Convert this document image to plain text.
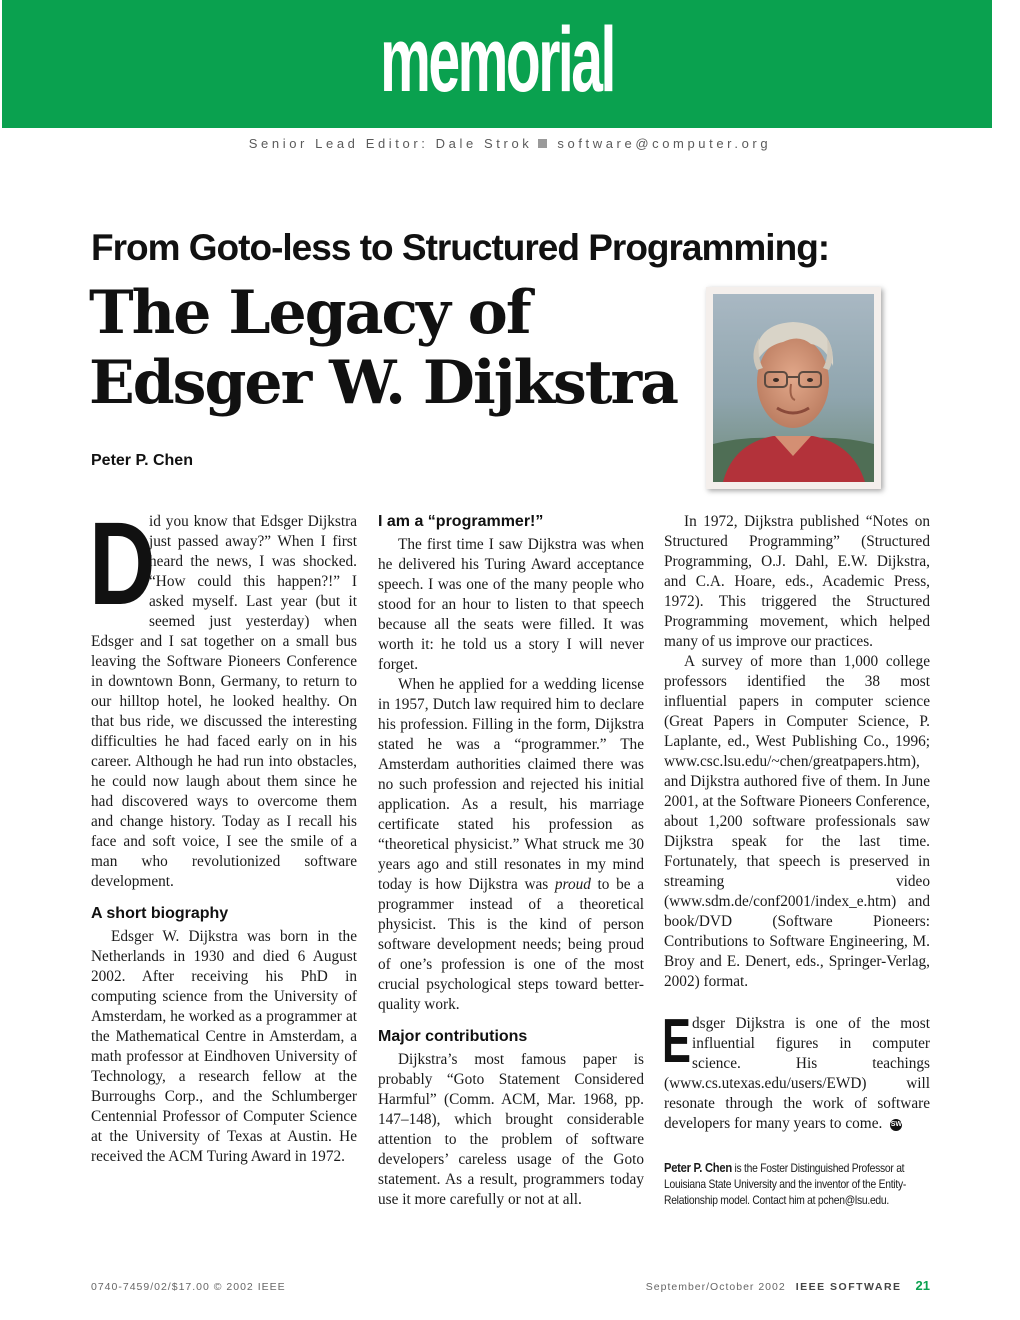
memorial
Senior Lead Editor: Dale Strok software@computer.org
From Goto-less to Structured Programming:
The Legacy of
Edsger W. Dijkstra
Peter P. Chen

D
id you know that Edsger Dijkstra just passed away?” When I first heard the news, I was shocked. “How could this happen?!” I asked myself. Last year (but it seemed just yesterday) when Edsger and I sat together on a small bus leaving the Software Pioneers Conference in downtown Bonn, Germany, to return to our hilltop hotel, he looked healthy. On that bus ride, we discussed the interesting difficulties he had faced early on in his career. Although he had run into obstacles, he could now laugh about them since he had discovered ways to overcome them and change history. Today as I recall his face and soft voice, I see the smile of a man who revolutionized software development.

A short biography

Edsger W. Dijkstra was born in the Netherlands in 1930 and died 6 August 2002. After receiving his PhD in computing science from the University of Amsterdam, he worked as a programmer at the Mathematical Centre in Amsterdam, a math professor at Eindhoven University of Technology, a research fellow at the Burroughs Corp., and the Schlumberger Centennial Professor of Computer Science at the University of Texas at Austin. He received the ACM Turing Award in 1972.

I am a “programmer!”

The first time I saw Dijkstra was when he delivered his Turing Award acceptance speech. I was one of the many people who stood for an hour to listen to that speech because all the seats were filled. It was worth it: he told us a story I will never forget.

When he applied for a wedding license in 1957, Dutch law required him to declare his profession. Filling in the form, Dijkstra stated he was a “programmer.” The Amsterdam authorities claimed there was no such profession and rejected his initial application. As a result, his marriage certificate stated his profession as “theoretical physicist.” What struck me 30 years ago and still resonates in my mind today is how Dijkstra was proud to be a programmer instead of a theoretical physicist. This is the kind of person software development needs; being proud of one’s profession is one of the most crucial psychological steps toward better-quality work.

Major contributions

Dijkstra’s most famous paper is probably “Goto Statement Considered Harmful” (Comm. ACM, Mar. 1968, pp. 147–148), which brought considerable attention to the problem of software developers’ careless usage of the Goto statement. As a result, programmers today use it more carefully or not at all.

In 1972, Dijkstra published “Notes on Structured Programming” (Structured Programming, O.J. Dahl, E.W. Dijkstra, and C.A. Hoare, eds., Academic Press, 1972). This triggered the Structured Programming movement, which helped many of us improve our practices.

A survey of more than 1,000 college professors identified the 38 most influential papers in computer science (Great Papers in Computer Science, P. Laplante, ed., West Publishing Co., 1996; www.csc.lsu.edu/~chen/greatpapers.htm), and Dijkstra authored five of them. In June 2001, at the Software Pioneers Conference, about 1,200 software professionals saw Dijkstra speak for the last time. Fortunately, that speech is preserved in streaming video (www.sdm.de/conf2001/index_e.htm) and book/DVD (Software Pioneers: Contributions to Software Engineering, M. Broy and E. Denert, eds., Springer-Verlag, 2002) format.

Edsger Dijkstra is one of the most influential figures in computer science. His teachings (www.cs.utexas.edu/users/EWD) will resonate through the work of software developers for many years to come. SW

Peter P. Chen is the Foster Distinguished Professor at Louisiana State University and the inventor of the Entity-Relationship model. Contact him at pchen@lsu.edu.
0740-7459/02/$17.00 © 2002 IEEE	September/October 2002 IEEE SOFTWARE 21
